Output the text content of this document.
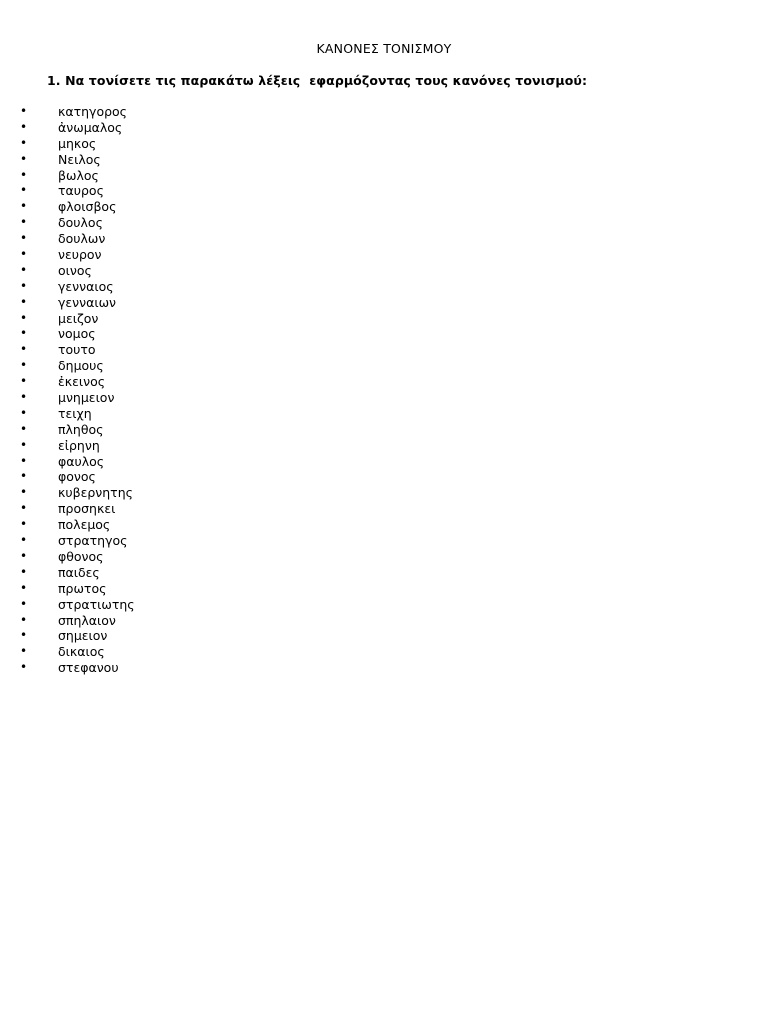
ΚΑΝΟΝΕΣ ΤΟΝΙΣΜΟΥ
1. Να τονίσετε τις παρακάτω λέξεις  εφαρμόζοντας τους κανόνες τονισμού:
• κατηγορος
• ἀνωμαλος
• μηκος
• Νειλος
• βωλος
• ταυρος
• φλοισβος
• δουλος
• δουλων
• νευρον
• οινος
• γενναιος
• γενναιων
• μειζον
• νομος
• τουτο
• δημους
• ἐκεινος
• μνημειον
• τειχη
• πληθος
• εἰρηνη
• φαυλος
• φονος
• κυβερνητης
• προσηκει
• πολεμος
• στρατηγος
• φθονος
• παιδες
• πρωτος
• στρατιωτης
• σπηλαιον
• σημειον
• δικαιος
• στεφανου
